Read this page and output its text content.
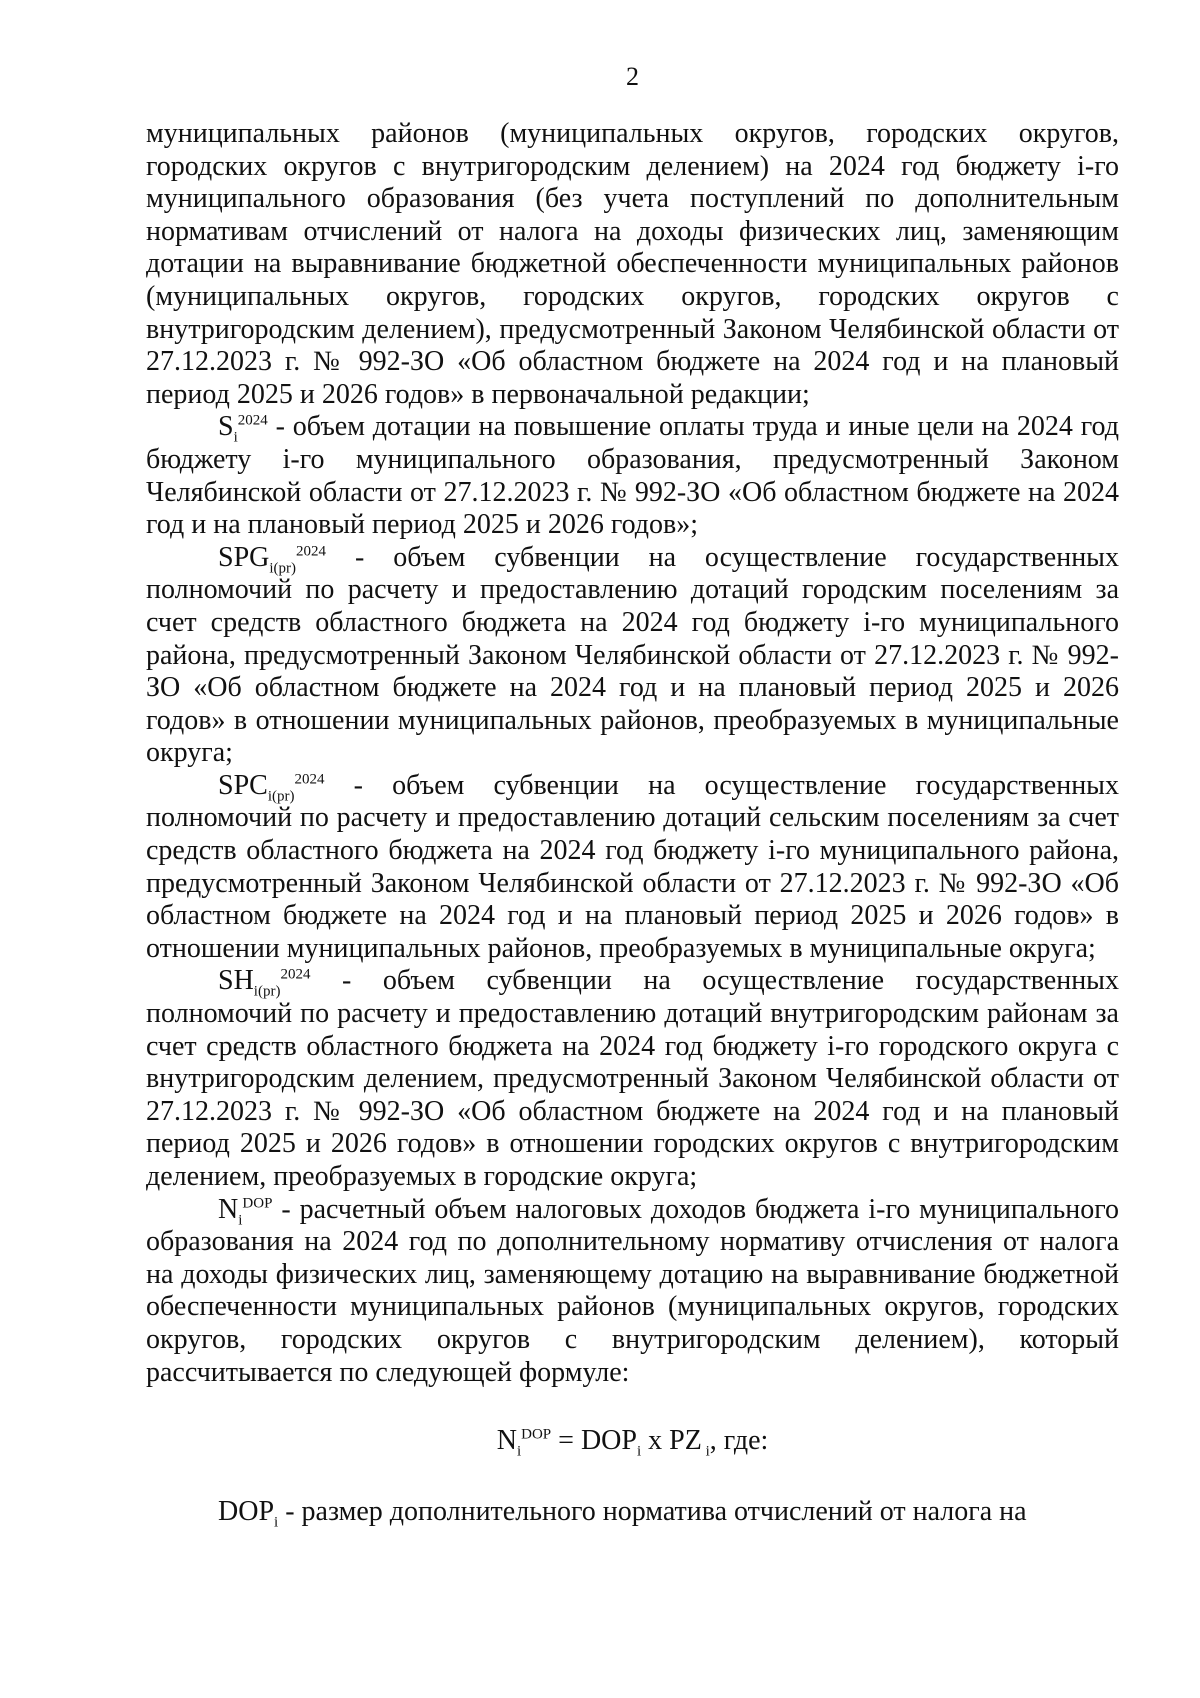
2

муниципальных районов (муниципальных округов, городских округов, городских округов с внутригородским делением) на 2024 год бюджету i-го муниципального образования (без учета поступлений по дополнительным нормативам отчислений от налога на доходы физических лиц, заменяющим дотации на выравнивание бюджетной обеспеченности муниципальных районов (муниципальных округов, городских округов, городских округов с внутригородским делением), предусмотренный Законом Челябинской области от 27.12.2023 г. № 992-ЗО «Об областном бюджете на 2024 год и на плановый период 2025 и 2026 годов» в первоначальной редакции;

$S_i^{2024}$ - объем дотации на повышение оплаты труда и иные цели на 2024 год бюджету i-го муниципального образования, предусмотренный Законом Челябинской области от 27.12.2023 г. № 992-ЗО «Об областном бюджете на 2024 год и на плановый период 2025 и 2026 годов»;

$SPG_{i(pr)}^{2024}$ - объем субвенции на осуществление государственных полномочий по расчету и предоставлению дотаций городским поселениям за счет средств областного бюджета на 2024 год бюджету i-го муниципального района, предусмотренный Законом Челябинской области от 27.12.2023 г. № 992-ЗО «Об областном бюджете на 2024 год и на плановый период 2025 и 2026 годов» в отношении муниципальных районов, преобразуемых в муниципальные округа;

$SPC_{i(pr)}^{2024}$ - объем субвенции на осуществление государственных полномочий по расчету и предоставлению дотаций сельским поселениям за счет средств областного бюджета на 2024 год бюджету i-го муниципального района, предусмотренный Законом Челябинской области от 27.12.2023 г. № 992-ЗО «Об областном бюджете на 2024 год и на плановый период 2025 и 2026 годов» в отношении муниципальных районов, преобразуемых в муниципальные округа;

$SH_{i(pr)}^{2024}$ - объем субвенции на осуществление государственных полномочий по расчету и предоставлению дотаций внутригородским районам за счет средств областного бюджета на 2024 год бюджету i-го городского округа с внутригородским делением, предусмотренный Законом Челябинской области от 27.12.2023 г. № 992-ЗО «Об областном бюджете на 2024 год и на плановый период 2025 и 2026 годов» в отношении городских округов с внутригородским делением, преобразуемых в городские округа;

$N_i^{DOP}$ - расчетный объем налоговых доходов бюджета i-го муниципального образования на 2024 год по дополнительному нормативу отчисления от налога на доходы физических лиц, заменяющему дотацию на выравнивание бюджетной обеспеченности муниципальных районов (муниципальных округов, городских округов, городских округов с внутригородским делением), который рассчитывается по следующей формуле:

$N_i^{DOP} = DOP_i$ x PZ $_i$, где:

$DOP_i$ - размер дополнительного норматива отчислений от налога на
